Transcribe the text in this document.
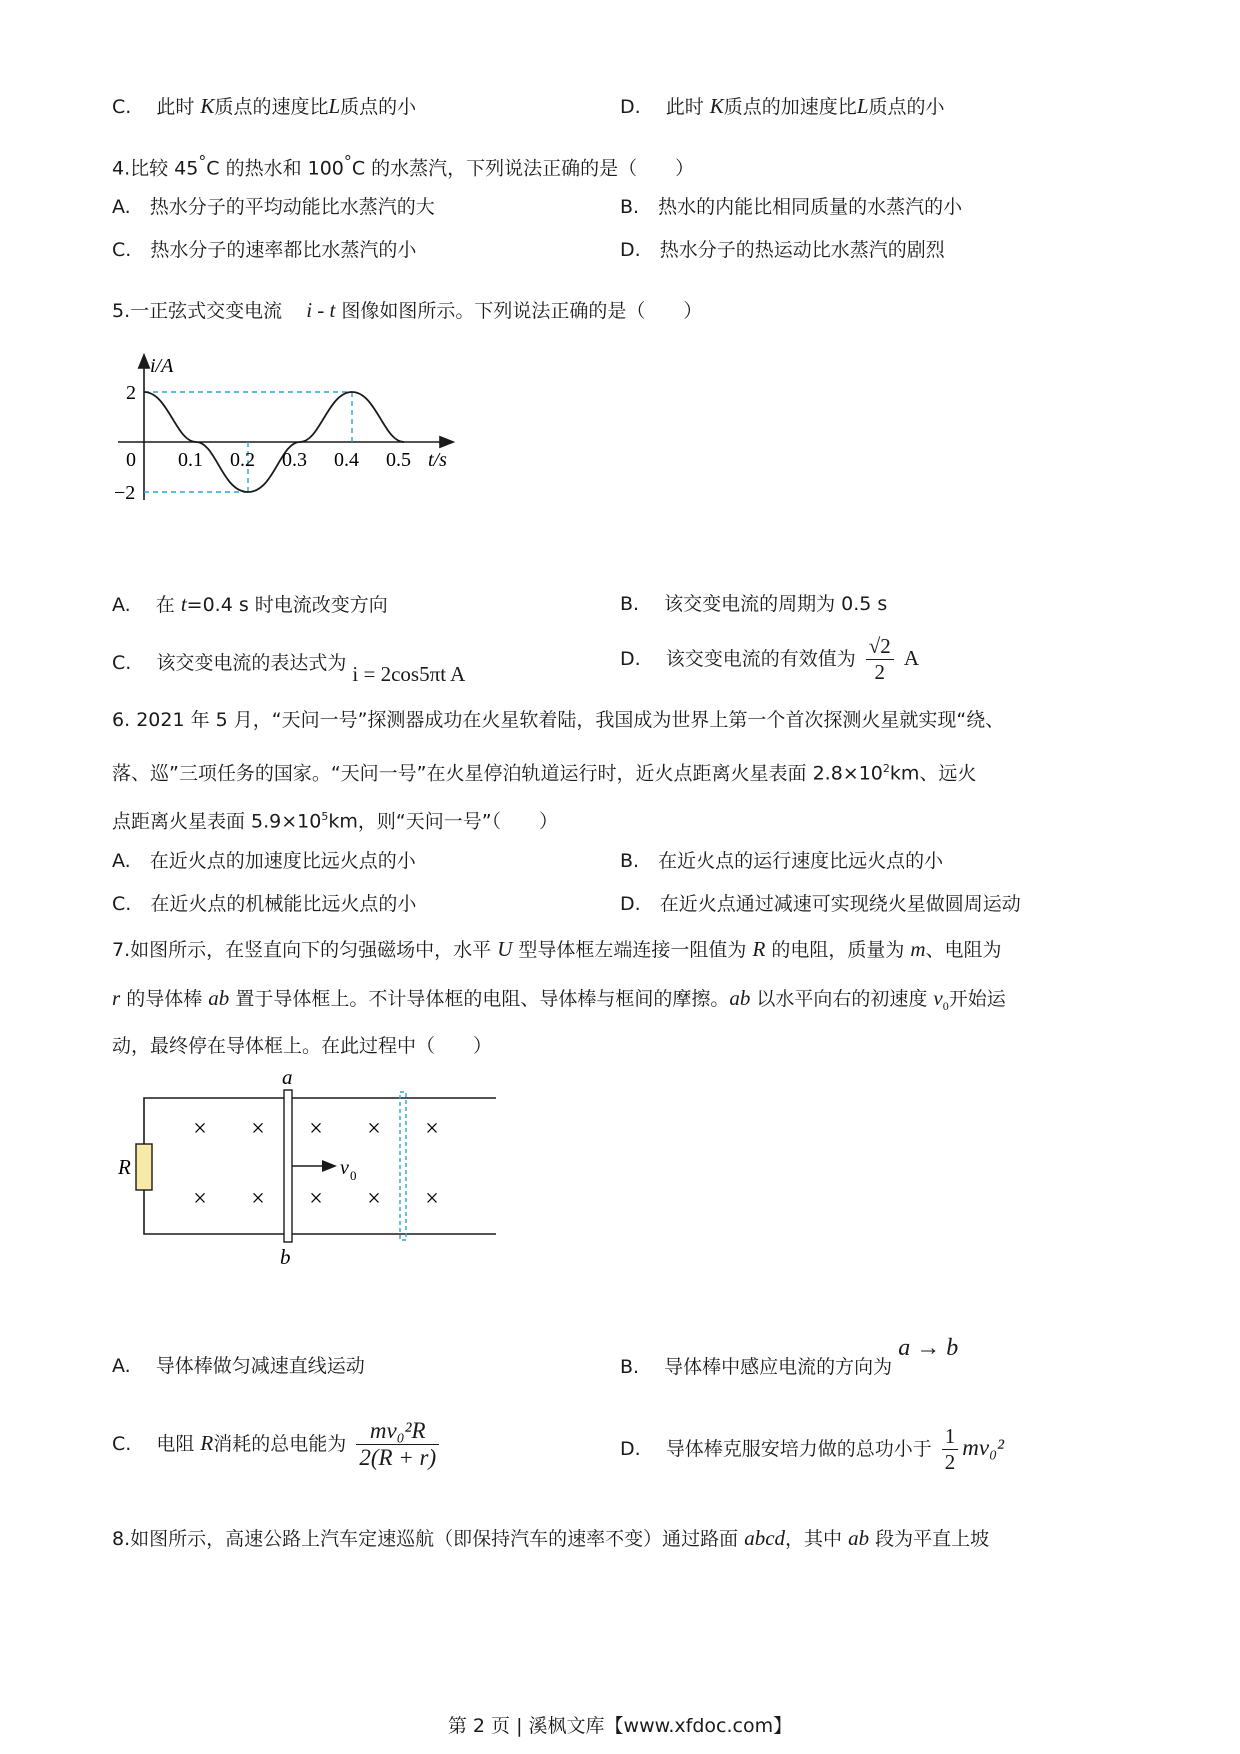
C.　 此时 K质点的速度比L质点的小	D.　 此时 K质点的加速度比L质点的小
4.比较 45°C 的热水和 100°C 的水蒸汽，下列说法正确的是（　　）
A.　 热水分子的平均动能比水蒸汽的大	B.　 热水的内能比相同质量的水蒸汽的小
C.　 热水分子的速率都比水蒸汽的小	D.　 热水分子的热运动比水蒸汽的剧烈
5.一正弦式交变电流 i - t 图像如图所示。下列说法正确的是（　　）
i/A
2
−2
0 0.1 0.2 0.3 0.4 0.5 t/s
A.　 在 t=0.4 s 时电流改变方向	B.　 该交变电流的周期为 0.5 s
C.　 该交变电流的表达式为 i = 2cos5πt A
D.　 该交变电流的有效值为 $\frac{√2}{2}$ A
6. 2021 年 5 月，“天问一号”探测器成功在火星软着陆，我国成为世界上第一个首次探测火星就实现“绕、
落、巡”三项任务的国家。“天问一号”在火星停泊轨道运行时，近火点距离火星表面 $2.8\times 10^2km$、远火
点距离火星表面 $5.9\times 10^5km$，则“天问一号”（　　）
A.　 在近火点的加速度比远火点的小	B.　 在近火点的运行速度比远火点的小
C.　 在近火点的机械能比远火点的小	D.　 在近火点通过减速可实现绕火星做圆周运动
7.如图所示，在竖直向下的匀强磁场中，水平 U 型导体框左端连接一阻值为 R 的电阻，质量为 m、电阻为
r 的导体棒 ab 置于导体框上。不计导体框的电阻、导体棒与框间的摩擦。ab 以水平向右的初速度 $v_0$开始运
动，最终停在导体框上。在此过程中（　　）
R
a
b
v 0
× × × × ×
× × × × ×
A.　 导体棒做匀减速直线运动	B.　 导体棒中感应电流的方向为 a → b
C.　 电阻 R消耗的总电能为 $\frac{\text{mv₀²R}}{2(R + r)}$	D.　 导体棒克服安培力做的总功小于 $\frac{1}{2} mv_0^2$
8.如图所示，高速公路上汽车定速巡航（即保持汽车的速率不变）通过路面 abcd，其中 ab 段为平直上坡
第 2 页 | 溪枫文库【www.xfdoc.com】
